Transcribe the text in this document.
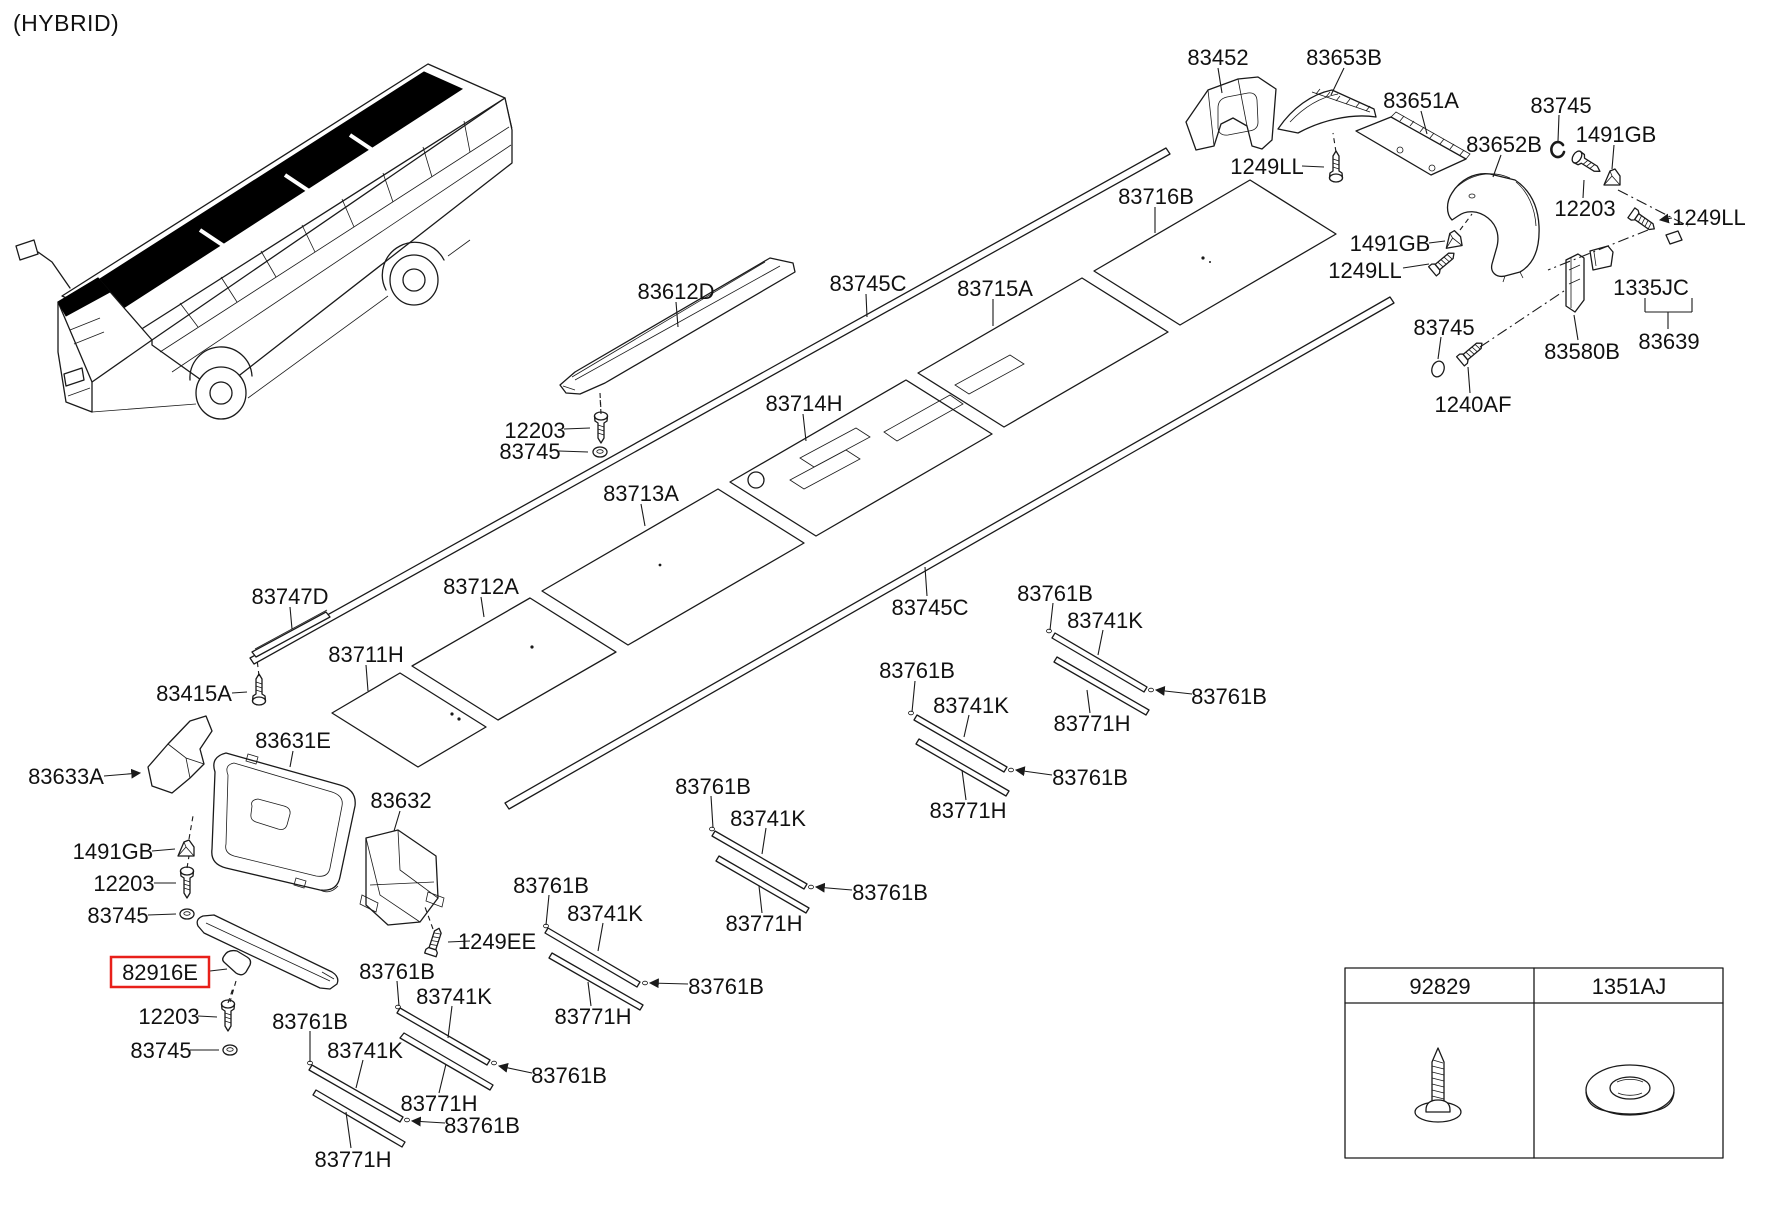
(HYBRID)
92829	1351AJ
83452	83653B
1249LL
83651A	83745
1491GB
83652B
12203	1249LL
1491GB
1249LL
1335JC
83639
83580B
83745
1240AF
83716B
83715A
83745C
83612D
12203
83745
83714H
83713A
83712A
83711H
83747D
83415A
83745C
83633A
83631E
1491GB
12203
83745
82916E
12203
83745
83632
1249EE
83761B
83741K
83771H
83761B
83761B
83741K
83771H
83761B
83761B
83741K
83771H
83761B
83761B
83741K
83771H
83761B
83761B
83741K
83771H
83761B
83761B
83741K
83771H
83761B
